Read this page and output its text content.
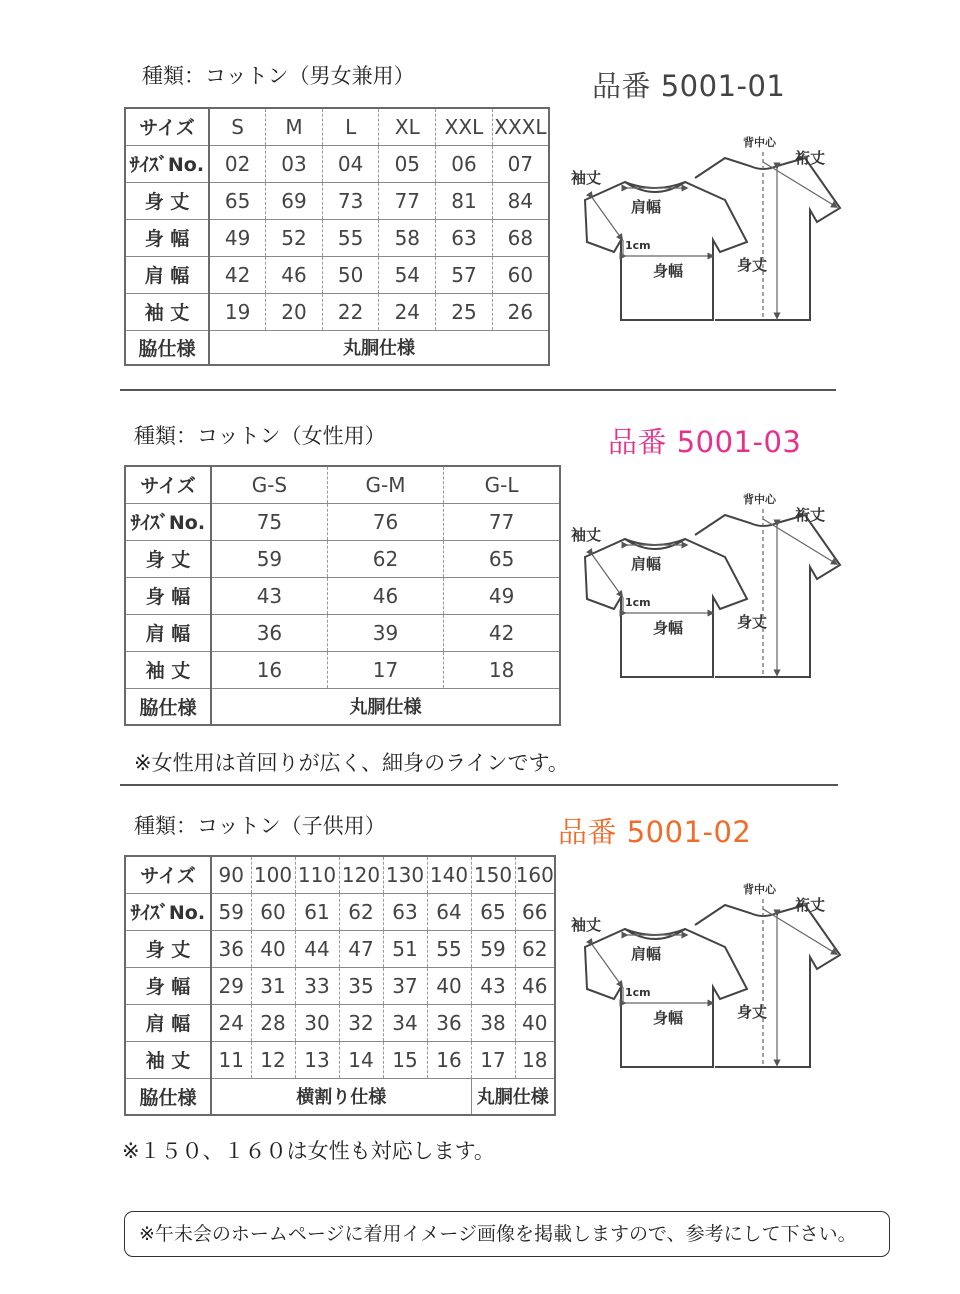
種類：コットン（男女兼用）	品番 5001-01
サイズ	S	M	L	XL	XXL	XXXL
ｻｲｽﾞNo.	02	03	04	05	06	07
身 丈	65	69	73	77	81	84
身 幅	49	52	55	58	63	68
肩 幅	42	46	50	54	57	60
袖 丈	19	20	22	24	25	26
脇仕様	丸胴仕様					
背中心
裄丈
袖丈
肩幅
1cm
身幅	身丈
種類：コットン（女性用）	品番 5001-03
サイズ	G-S	G-M	G-L
ｻｲｽﾞNo.	75	76	77
身 丈	59	62	65
身 幅	43	46	49
肩 幅	36	39	42
袖 丈	16	17	18
脇仕様	丸胴仕様		
背中心
裄丈
袖丈
肩幅
1cm
身幅	身丈
※女性用は首回りが広く、細身のラインです。
種類：コットン（子供用）	品番 5001-02
サイズ	90	100	110	120	130	140	150	160
ｻｲｽﾞNo.	59	60	61	62	63	64	65	66
身 丈	36	40	44	47	51	55	59	62
身 幅	29	31	33	35	37	40	43	46
肩 幅	24	28	30	32	34	36	38	40
袖 丈	11	12	13	14	15	16	17	18
脇仕様	横割り仕様						丸胴仕様	
背中心
裄丈
袖丈
肩幅
1cm
身幅	身丈
※１５０、１６０は女性も対応します。
※午未会のホームページに着用イメージ画像を掲載しますので、参考にして下さい。
